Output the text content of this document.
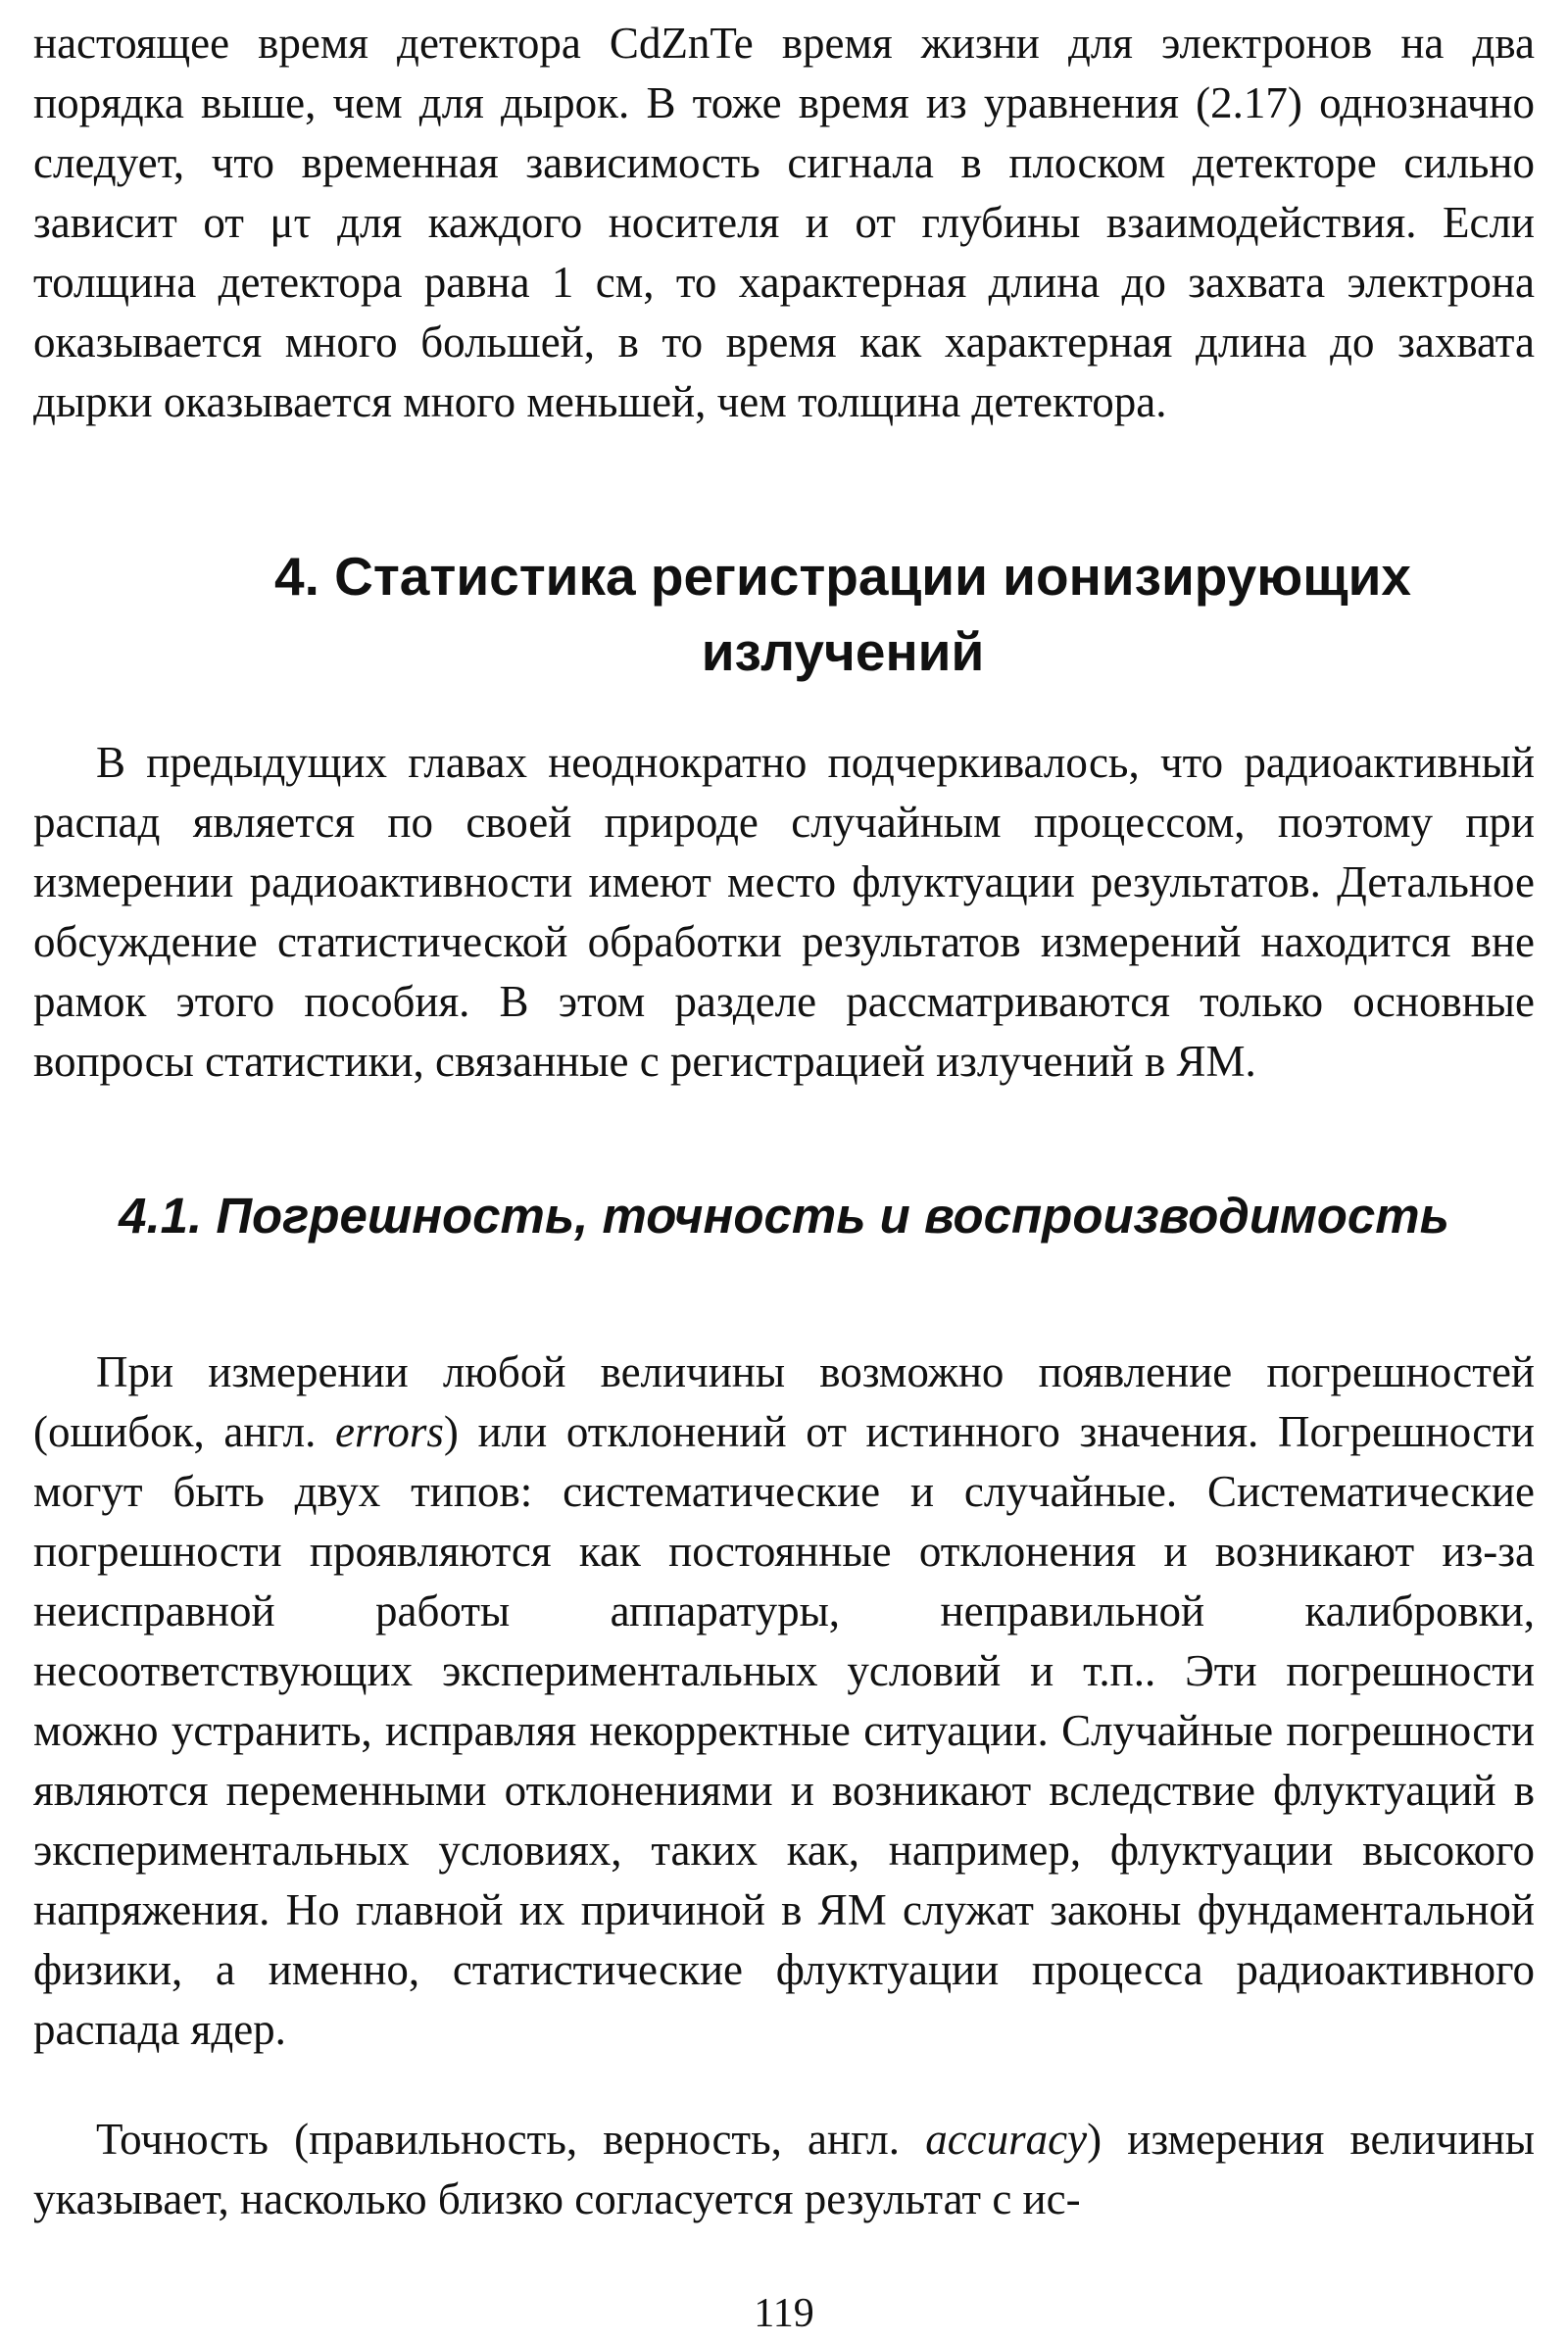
настоящее время детектора CdZnTe время жизни для электронов на два порядка выше, чем для дырок. В тоже время из уравнения (2.17) однозначно следует, что временная зависимость сигнала в плоском детекторе сильно зависит от μτ для каждого носителя и от глубины взаимодействия. Если толщина детектора равна 1 см, то характерная длина до захвата электрона оказывается много большей, в то время как характерная длина до захвата дырки оказывается много меньшей, чем толщина детектора.

4. Статистика регистрации ионизирующих излучений

В предыдущих главах неоднократно подчеркивалось, что радиоактивный распад является по своей природе случайным процессом, поэтому при измерении радиоактивности имеют место флуктуации результатов. Детальное обсуждение статистической обработки результатов измерений находится вне рамок этого пособия. В этом разделе рассматриваются только основные вопросы статистики, связанные с регистрацией излучений в ЯМ.

4.1. Погрешность, точность и воспроизводимость

При измерении любой величины возможно появление погрешностей (ошибок, англ. errors) или отклонений от истинного значения. Погрешности могут быть двух типов: систематические и случайные. Систематические погрешности проявляются как постоянные отклонения и возникают из-за неисправной работы аппаратуры, неправильной калибровки, несоответствующих экспериментальных условий и т.п.. Эти погрешности можно устранить, исправляя некорректные ситуации. Случайные погрешности являются переменными отклонениями и возникают вследствие флуктуаций в экспериментальных условиях, таких как, например, флуктуации высокого напряжения. Но главной их причиной в ЯМ служат законы фундаментальной физики, а именно, статистические флуктуации процесса радиоактивного распада ядер.

Точность (правильность, верность, англ. accuracy) измерения величины указывает, насколько близко согласуется результат с ис-

119
